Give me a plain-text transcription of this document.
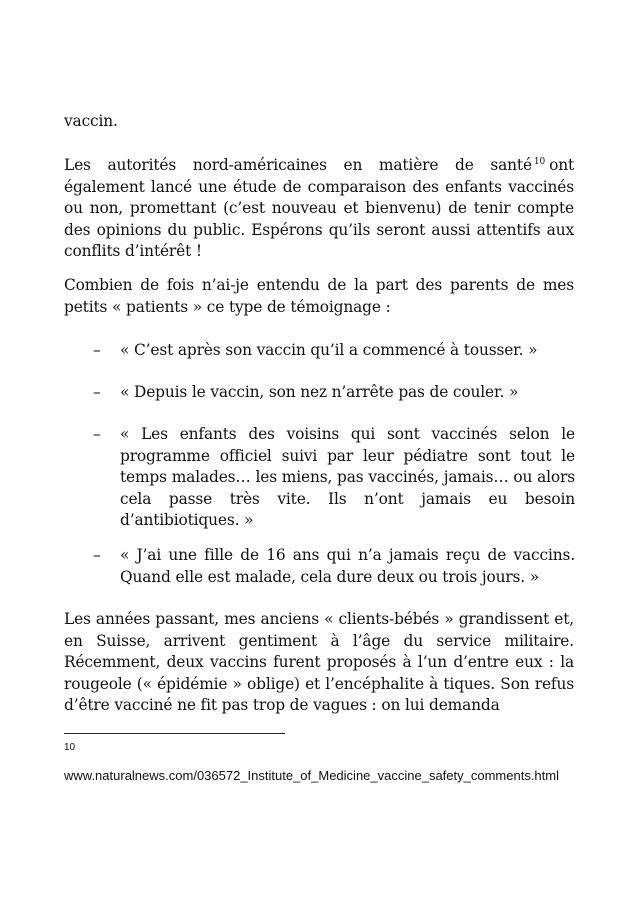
vaccin.
Les autorités nord-américaines en matière de santé $^{10}$ ont également lancé une étude de comparaison des enfants vaccinés ou non, promettant (c’est nouveau et bienvenu) de tenir compte des opinions du public. Espérons qu’ils seront aussi attentifs aux conflits d’intérêt !
Combien de fois n’ai-je entendu de la part des parents de mes petits « patients » ce type de témoignage :
– « C’est après son vaccin qu’il a commencé à tousser. »
– « Depuis le vaccin, son nez n’arrête pas de couler. »
– « Les enfants des voisins qui sont vaccinés selon le programme officiel suivi par leur pédiatre sont tout le temps malades… les miens, pas vaccinés, jamais… ou alors cela passe très vite. Ils n’ont jamais eu besoin d’antibiotiques. »
– « J’ai une fille de 16 ans qui n’a jamais reçu de vaccins. Quand elle est malade, cela dure deux ou trois jours. »
Les années passant, mes anciens « clients-bébés » grandissent et, en Suisse, arrivent gentiment à l’âge du service militaire. Récemment, deux vaccins furent proposés à l’un d’entre eux : la rougeole (« épidémie » oblige) et l’encéphalite à tiques. Son refus d’être vacciné ne fit pas trop de vagues : on lui demanda
10
www.naturalnews.com/036572_Institute_of_Medicine_vaccine_safety_comments.html
